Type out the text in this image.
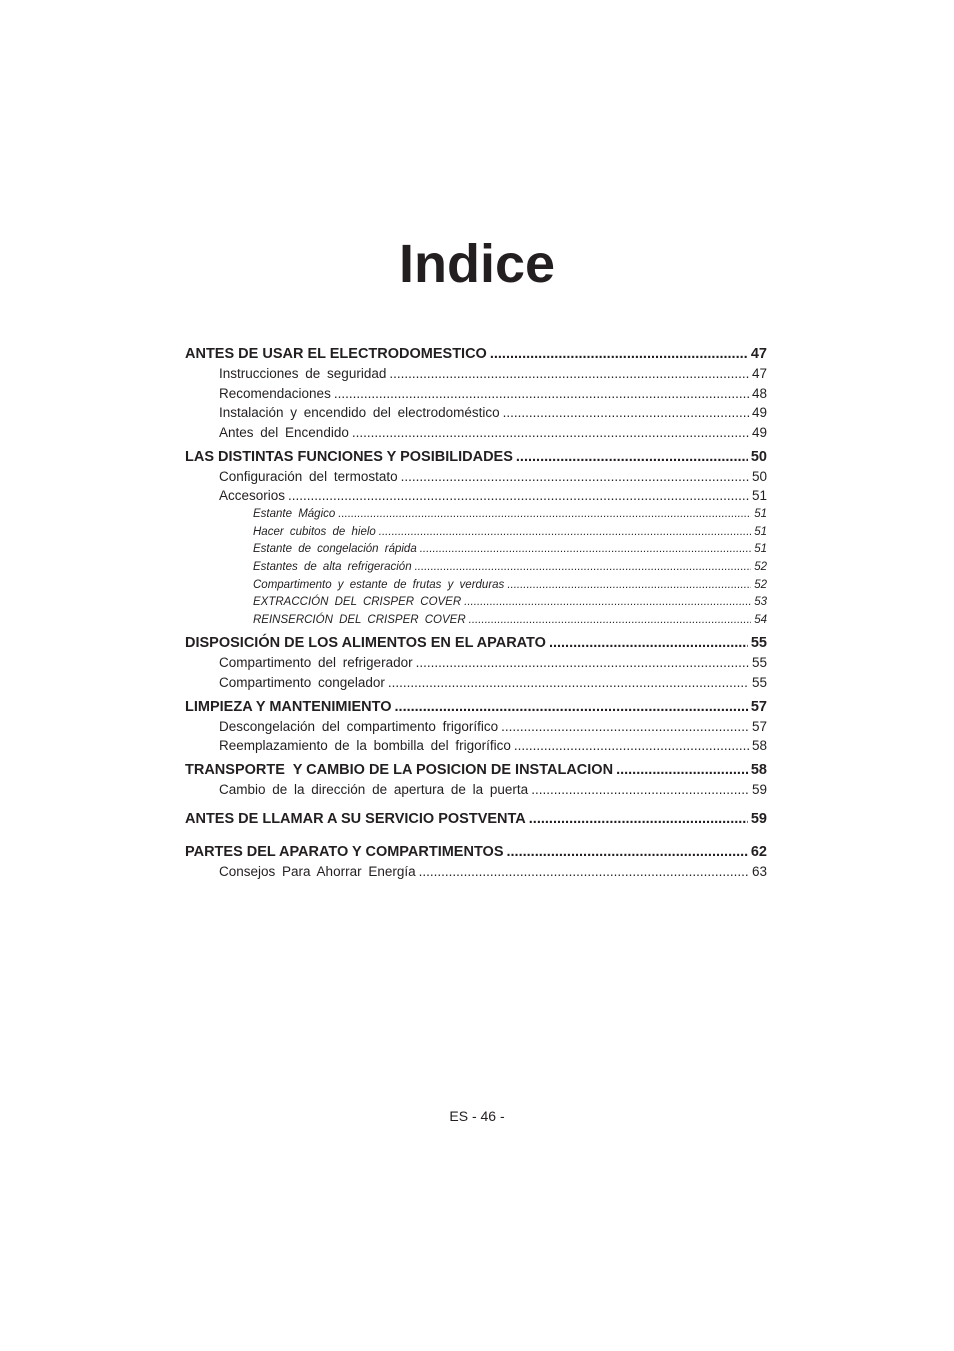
Indice
ANTES DE USAR EL ELECTRODOMESTICO .....	47
Instrucciones de seguridad .....	47
Recomendaciones .....	48
Instalación y encendido del electrodoméstico .....	49
Antes del Encendido .....	49
LAS DISTINTAS FUNCIONES Y POSIBILIDADES .....	50
Configuración del termostato .....	50
Accesorios .....	51
Estante Mágico .....	51
Hacer cubitos de hielo .....	51
Estante de congelación rápida .....	51
Estantes de alta refrigeración .....	52
Compartimento y estante de frutas y verduras .....	52
EXTRACCIÓN DEL CRISPER COVER .....	53
REINSERCIÓN DEL CRISPER COVER .....	54
DISPOSICIÓN DE LOS ALIMENTOS EN EL APARATO .....	55
Compartimento del refrigerador .....	55
Compartimento congelador .....	55
LIMPIEZA Y MANTENIMIENTO .....	57
Descongelación del compartimento frigorífico .....	57
Reemplazamiento de la bombilla del frigorífico .....	58
TRANSPORTE  Y CAMBIO DE LA POSICION DE INSTALACION .....	58
Cambio de la dirección de apertura de la puerta .....	59
ANTES DE LLAMAR A SU SERVICIO POSTVENTA .....	59
PARTES DEL APARATO Y COMPARTIMENTOS .....	62
Consejos Para Ahorrar Energía .....	63
ES - 46 -
